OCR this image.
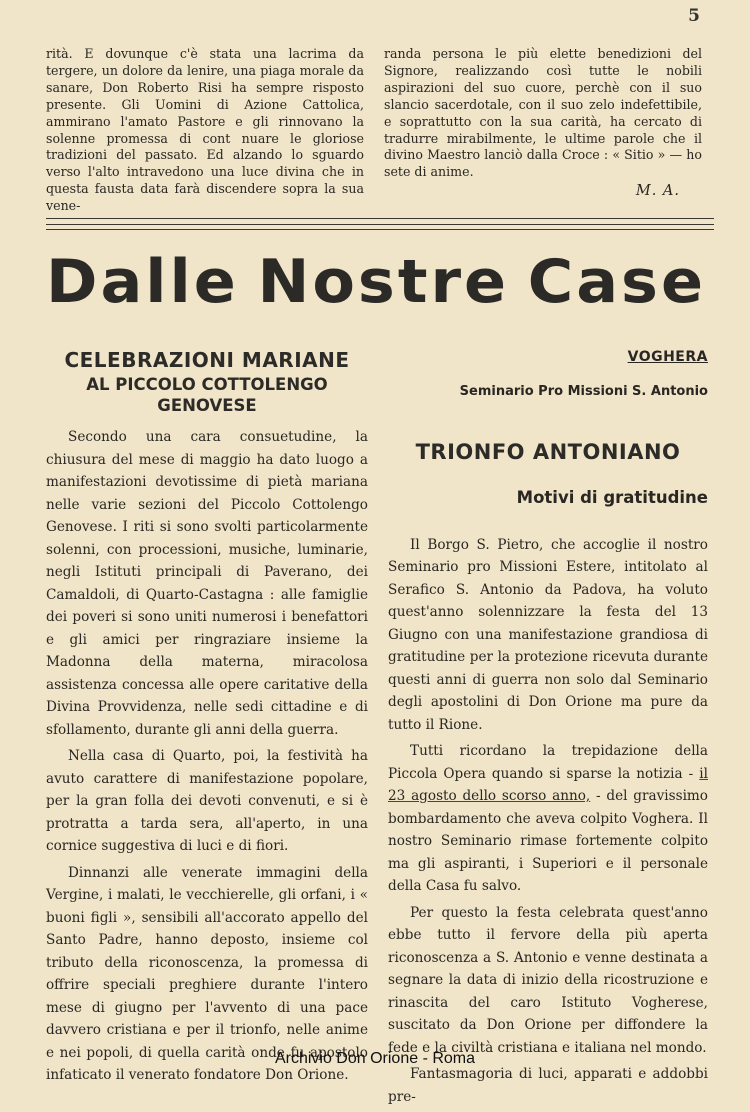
5
rità. E dovunque c'è stata una lacrima da tergere, un dolore da lenire, una piaga morale da sanare, Don Roberto Risi ha sempre risposto presente. Gli Uomini di Azione Cattolica, ammirano l'amato Pastore e gli rinnovano la solenne promessa di cont nuare le gloriose tradizioni del passato. Ed alzando lo sguardo verso l'alto intravedono una luce divina che in questa fausta data farà discendere sopra la sua vene-
randa persona le più elette benedizioni del Signore, realizzando così tutte le nobili aspirazioni del suo cuore, perchè con il suo slancio sacerdotale, con il suo zelo indefettibile, e soprattutto con la sua carità, ha cercato di tradurre mirabilmente, le ultime parole che il divino Maestro lanciò dalla Croce : « Sitio » — ho sete di anime.
M. A.
Dalle Nostre Case
CELEBRAZIONI MARIANE
AL PICCOLO COTTOLENGO
GENOVESE

Secondo una cara consuetudine, la chiusura del mese di maggio ha dato luogo a manifestazioni devotissime di pietà mariana nelle varie sezioni del Piccolo Cottolengo Genovese. I riti si sono svolti particolarmente solenni, con processioni, musiche, luminarie, negli Istituti principali di Paverano, dei Camaldoli, di Quarto-Castagna : alle famiglie dei poveri si sono uniti numerosi i benefattori e gli amici per ringraziare insieme la Madonna della materna, miracolosa assistenza concessa alle opere caritative della Divina Provvidenza, nelle sedi cittadine e di sfollamento, durante gli anni della guerra.

Nella casa di Quarto, poi, la festività ha avuto carattere di manifestazione popolare, per la gran folla dei devoti convenuti, e si è protratta a tarda sera, all'aperto, in una cornice suggestiva di luci e di fiori.

Dinnanzi alle venerate immagini della Vergine, i malati, le vecchierelle, gli orfani, i « buoni figli », sensibili all'accorato appello del Santo Padre, hanno deposto, insieme col tributo della riconoscenza, la promessa di offrire speciali preghiere durante l'intero mese di giugno per l'avvento di una pace davvero cristiana e per il trionfo, nelle anime e nei popoli, di quella carità onde fu apostolo infaticato il venerato fondatore Don Orione.

VOGHERA
Seminario Pro Missioni S. Antonio
TRIONFO ANTONIANO
Motivi di gratitudine

Il Borgo S. Pietro, che accoglie il nostro Seminario pro Missioni Estere, intitolato al Serafico S. Antonio da Padova, ha voluto quest'anno solennizzare la festa del 13 Giugno con una manifestazione grandiosa di gratitudine per la protezione ricevuta durante questi anni di guerra non solo dal Seminario degli apostolini di Don Orione ma pure da tutto il Rione.

Tutti ricordano la trepidazione della Piccola Opera quando si sparse la notizia - il 23 agosto dello scorso anno, - del gravissimo bombardamento che aveva colpito Voghera. Il nostro Seminario rimase fortemente colpito ma gli aspiranti, i Superiori e il personale della Casa fu salvo.

Per questo la festa celebrata quest'anno ebbe tutto il fervore della più aperta riconoscenza a S. Antonio e venne destinata a segnare la data di inizio della ricostruzione e rinascita del caro Istituto Vogherese, suscitato da Don Orione per diffondere la fede e la civiltà cristiana e italiana nel mondo.

Fantasmagoria di luci, apparati e addobbi pre-

Archivio Don Orione - Roma
